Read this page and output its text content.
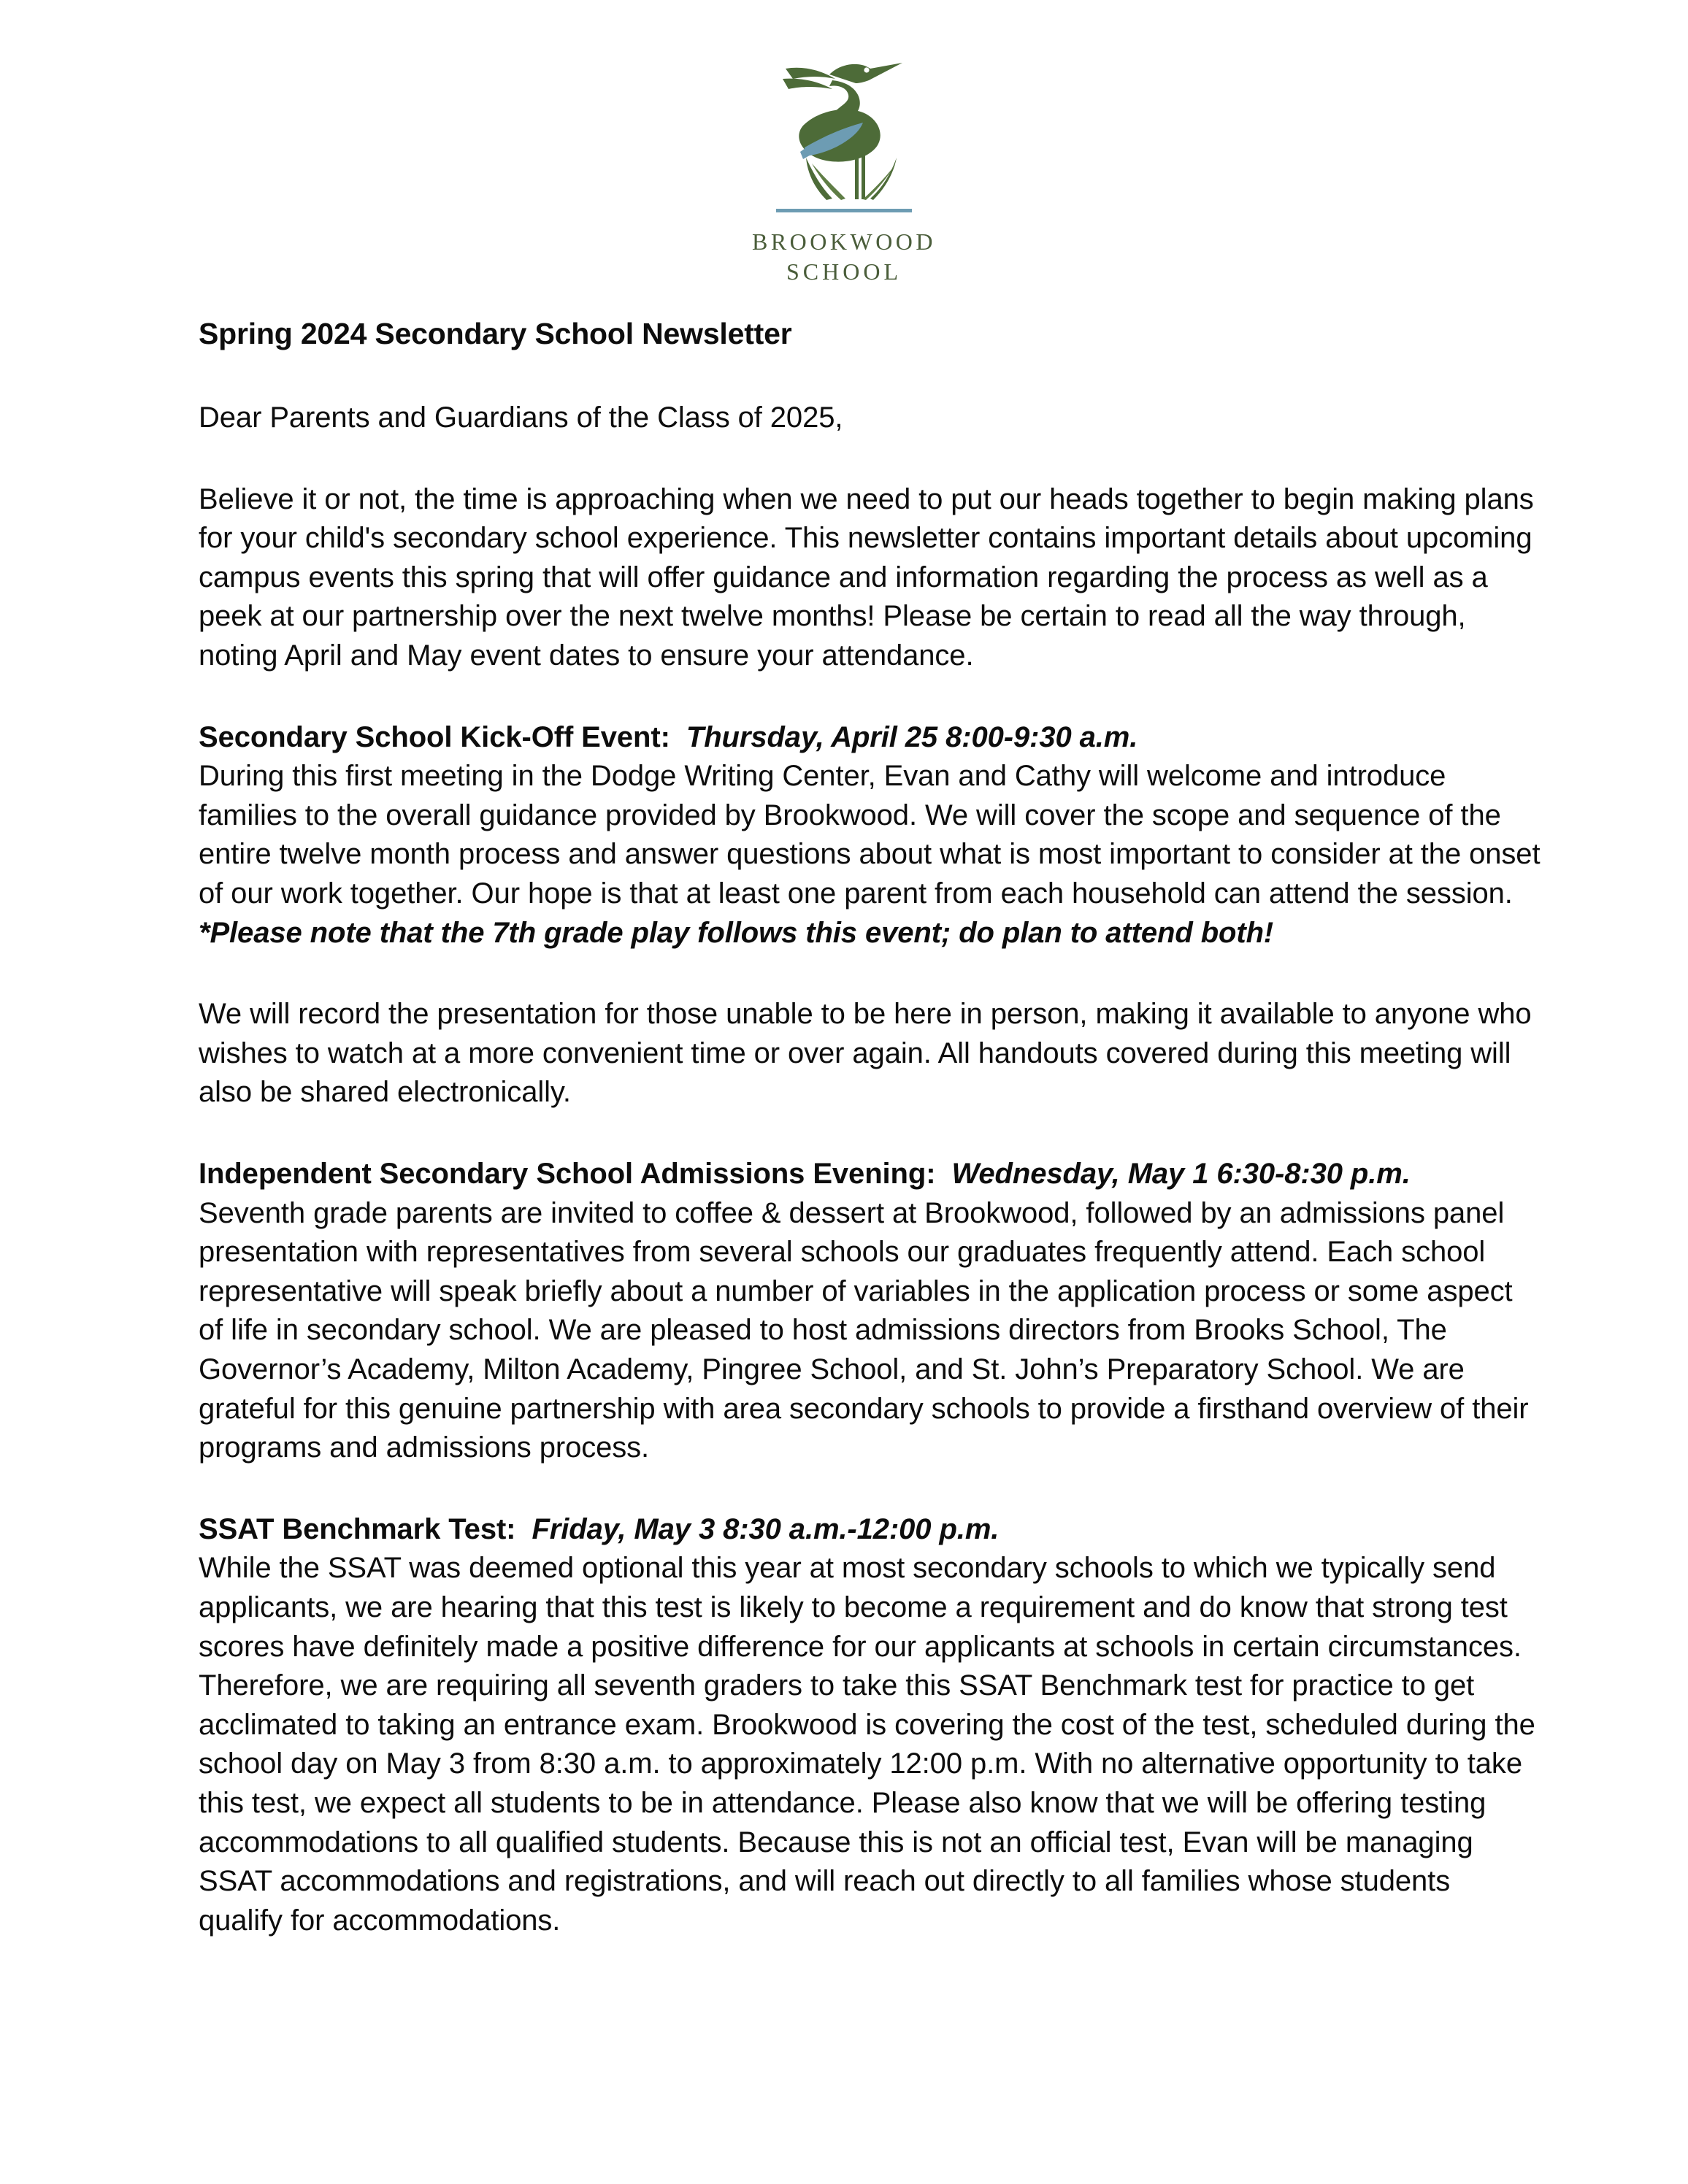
BROOKWOOD
SCHOOL
Spring 2024 Secondary School Newsletter

Dear Parents and Guardians of the Class of 2025,

Believe it or not, the time is approaching when we need to put our heads together to begin making plans for your child's secondary school experience. This newsletter contains important details about upcoming campus events this spring that will offer guidance and information regarding the process as well as a peek at our partnership over the next twelve months! Please be certain to read all the way through, noting April and May event dates to ensure your attendance.

Secondary School Kick-Off Event: Thursday, April 25 8:00-9:30 a.m.
During this first meeting in the Dodge Writing Center, Evan and Cathy will welcome and introduce families to the overall guidance provided by Brookwood. We will cover the scope and sequence of the entire twelve month process and answer questions about what is most important to consider at the onset of our work together. Our hope is that at least one parent from each household can attend the session. *Please note that the 7th grade play follows this event; do plan to attend both!

We will record the presentation for those unable to be here in person, making it available to anyone who wishes to watch at a more convenient time or over again. All handouts covered during this meeting will also be shared electronically.

Independent Secondary School Admissions Evening: Wednesday, May 1 6:30-8:30 p.m.
Seventh grade parents are invited to coffee & dessert at Brookwood, followed by an admissions panel presentation with representatives from several schools our graduates frequently attend. Each school representative will speak briefly about a number of variables in the application process or some aspect of life in secondary school. We are pleased to host admissions directors from Brooks School, The Governor’s Academy, Milton Academy, Pingree School, and St. John’s Preparatory School. We are grateful for this genuine partnership with area secondary schools to provide a firsthand overview of their programs and admissions process.
SSAT Benchmark Test: Friday, May 3 8:30 a.m.-12:00 p.m.
While the SSAT was deemed optional this year at most secondary schools to which we typically send applicants, we are hearing that this test is likely to become a requirement and do know that strong test scores have definitely made a positive difference for our applicants at schools in certain circumstances. Therefore, we are requiring all seventh graders to take this SSAT Benchmark test for practice to get acclimated to taking an entrance exam. Brookwood is covering the cost of the test, scheduled during the school day on May 3 from 8:30 a.m. to approximately 12:00 p.m. With no alternative opportunity to take this test, we expect all students to be in attendance. Please also know that we will be offering testing accommodations to all qualified students. Because this is not an official test, Evan will be managing SSAT accommodations and registrations, and will reach out directly to all families whose students qualify for accommodations.
